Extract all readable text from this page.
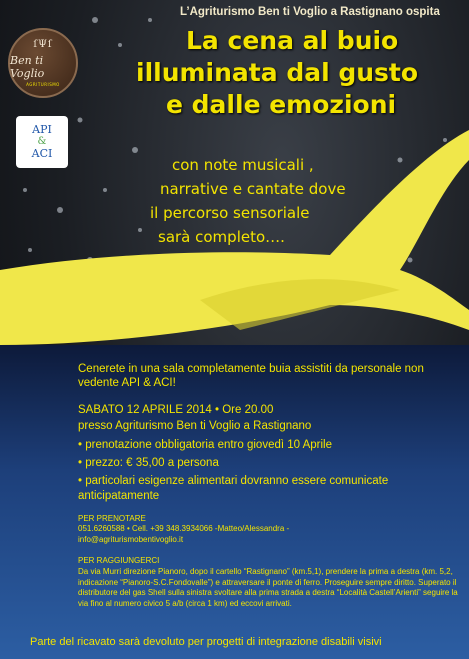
ſΨſ
Ben ti Voglio
AGRITURISMO
API
&
ACI

L’Agriturismo Ben ti Voglio a Rastignano ospita

La cena al buio

illuminata dal gusto

e dalle emozioni

con note musicali ,

narrative e cantate dove

il percorso sensoriale

sarà completo….

Cenerete in una sala completamente buia assistiti da personale non vedente API & ACI!

SABATO 12 APRILE 2014 • Ore 20.00

presso Agriturismo Ben ti Voglio a Rastignano

• prenotazione obbligatoria entro giovedì 10 Aprile

• prezzo: € 35,00 a persona

• particolari esigenze alimentari dovranno essere comunicate anticipatamente

PER PRENOTARE

051.6260588 • Cell. +39 348.3934066 -Matteo/Alessandra -

info@agriturismobentivoglio.it

PER RAGGIUNGERCI

Da via Murri direzione Pianoro, dopo il cartello “Rastignano” (km.5,1), prendere la prima a destra (km. 5,2, indicazione “Pianoro-S.C.Fondovalle”) e attraversare il ponte di ferro. Proseguire sempre diritto. Superato il distributore del gas Shell sulla sinistra svoltare alla prima strada a destra “Località Castell’Arienti” seguire la via fino al numero civico 5 a/b (circa 1 km) ed eccovi arrivati.

Parte del ricavato sarà devoluto per progetti di integrazione disabili visivi
